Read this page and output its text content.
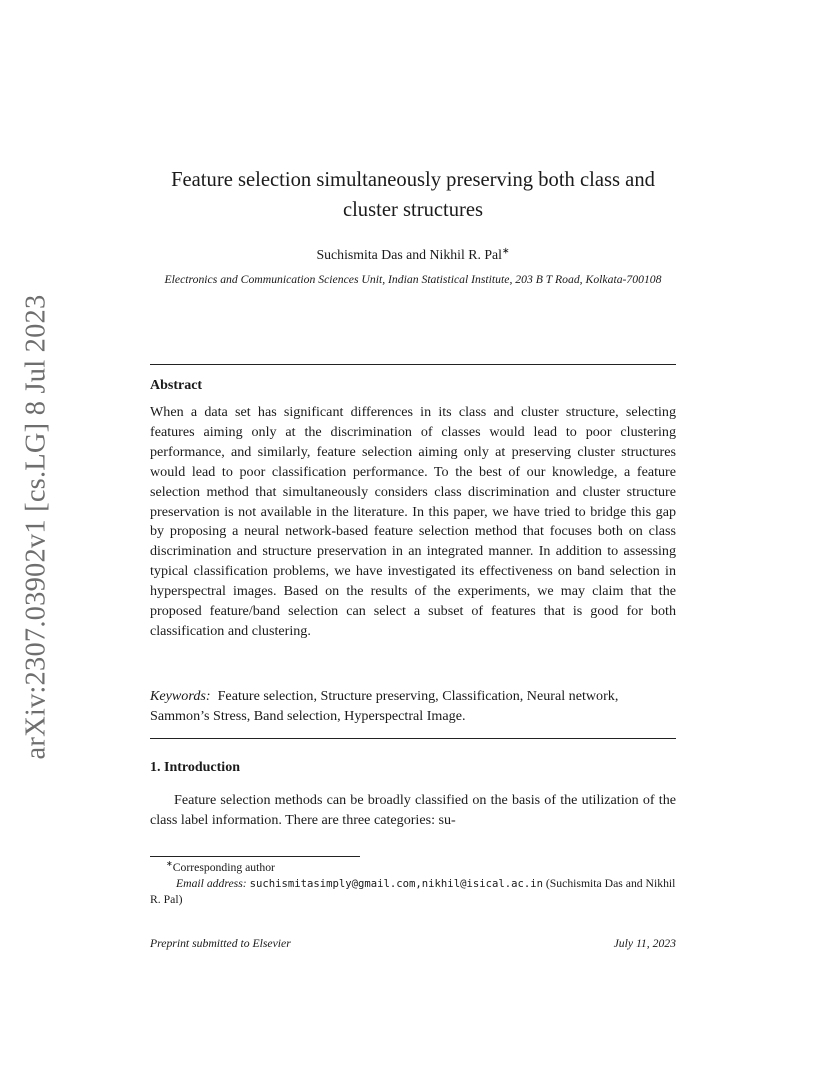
arXiv:2307.03902v1 [cs.LG] 8 Jul 2023
Feature selection simultaneously preserving both class and cluster structures
Suchismita Das and Nikhil R. Pal∗
Electronics and Communication Sciences Unit, Indian Statistical Institute, 203 B T Road, Kolkata-700108
Abstract

When a data set has significant differences in its class and cluster structure, selecting features aiming only at the discrimination of classes would lead to poor clustering performance, and similarly, feature selection aiming only at preserving cluster structures would lead to poor classification performance. To the best of our knowledge, a feature selection method that simultaneously considers class discrimination and cluster structure preservation is not available in the literature. In this paper, we have tried to bridge this gap by proposing a neural network-based feature selection method that focuses both on class discrimination and structure preservation in an integrated manner. In addition to assessing typical classification problems, we have investigated its effectiveness on band selection in hyperspectral images. Based on the results of the experiments, we may claim that the proposed feature/band selection can select a subset of features that is good for both classification and clustering.

Keywords: Feature selection, Structure preserving, Classification, Neural network, Sammon’s Stress, Band selection, Hyperspectral Image.

1. Introduction

Feature selection methods can be broadly classified on the basis of the utilization of the class label information. There are three categories: su-

∗Corresponding author
Email address: suchismitasimply@gmail.com,nikhil@isical.ac.in (Suchismita Das and Nikhil R. Pal)
Preprint submitted to Elsevier	July 11, 2023
